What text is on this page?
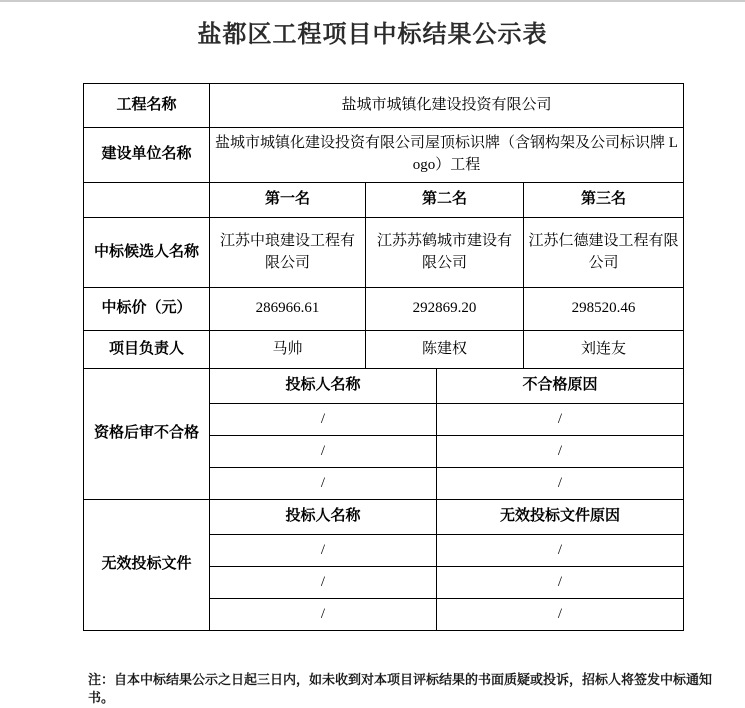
盐都区工程项目中标结果公示表
工程名称	盐城市城镇化建设投资有限公司			
建设单位名称	盐城市城镇化建设投资有限公司屋顶标识牌（含钢构架及公司标识牌 Logo）工程			
	第一名	第二名		第三名
中标候选人名称	江苏中琅建设工程有限公司	江苏苏鹤城市建设有限公司		江苏仁德建设工程有限公司
中标价（元）	286966.61	292869.20		298520.46
项目负责人	马帅	陈建权		刘连友
资格后审不合格	投标人名称		不合格原因	
	/		/	
	/		/	
	/		/	
无效投标文件	投标人名称		无效投标文件原因	
	/		/	
	/		/	
	/		/	
注：自本中标结果公示之日起三日内，如未收到对本项目评标结果的书面质疑或投诉，招标人将签发中标通知书。
